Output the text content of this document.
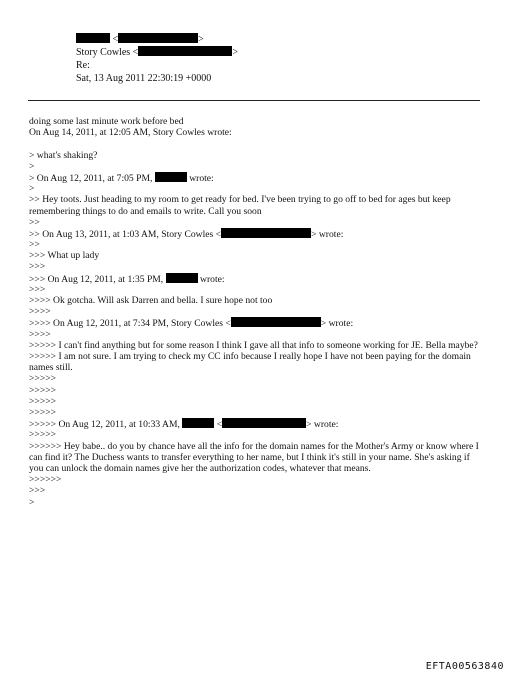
<	>
Story Cowles <	>
Re:
Sat, 13 Aug 2011 22:30:19 +0000
doing some last minute work before bed
On Aug 14, 2011, at 12:05 AM, Story Cowles wrote:
> what's shaking?
>
> On Aug 12, 2011, at 7:05 PM,	wrote:
>
>> Hey toots. Just heading to my room to get ready for bed. I've been trying to go off to bed for ages but keep remembering things to do and emails to write. Call you soon
>>
>> On Aug 13, 2011, at 1:03 AM, Story Cowles <	> wrote:
>>
>>> What up lady
>>>
>>> On Aug 12, 2011, at 1:35 PM,	wrote:
>>>
>>>> Ok gotcha. Will ask Darren and bella. I sure hope not too
>>>>
>>>> On Aug 12, 2011, at 7:34 PM, Story Cowles <	> wrote:
>>>>
>>>>> I can't find anything but for some reason I think I gave all that info to someone working for JE. Bella maybe?
>>>>> I am not sure. I am trying to check my CC info because I really hope I have not been paying for the domain names still.
>>>>>
>>>>>
>>>>>
>>>>>
>>>>> On Aug 12, 2011, at 10:33 AM,	<	> wrote:
>>>>>
>>>>>> Hey babe.. do you by chance have all the info for the domain names for the Mother's Army or know where I can find it? The Duchess wants to transfer everything to her name, but I think it's still in your name. She's asking if you can unlock the domain names give her the authorization codes, whatever that means.
>>>>>>
>>>
>
EFTA00563840
